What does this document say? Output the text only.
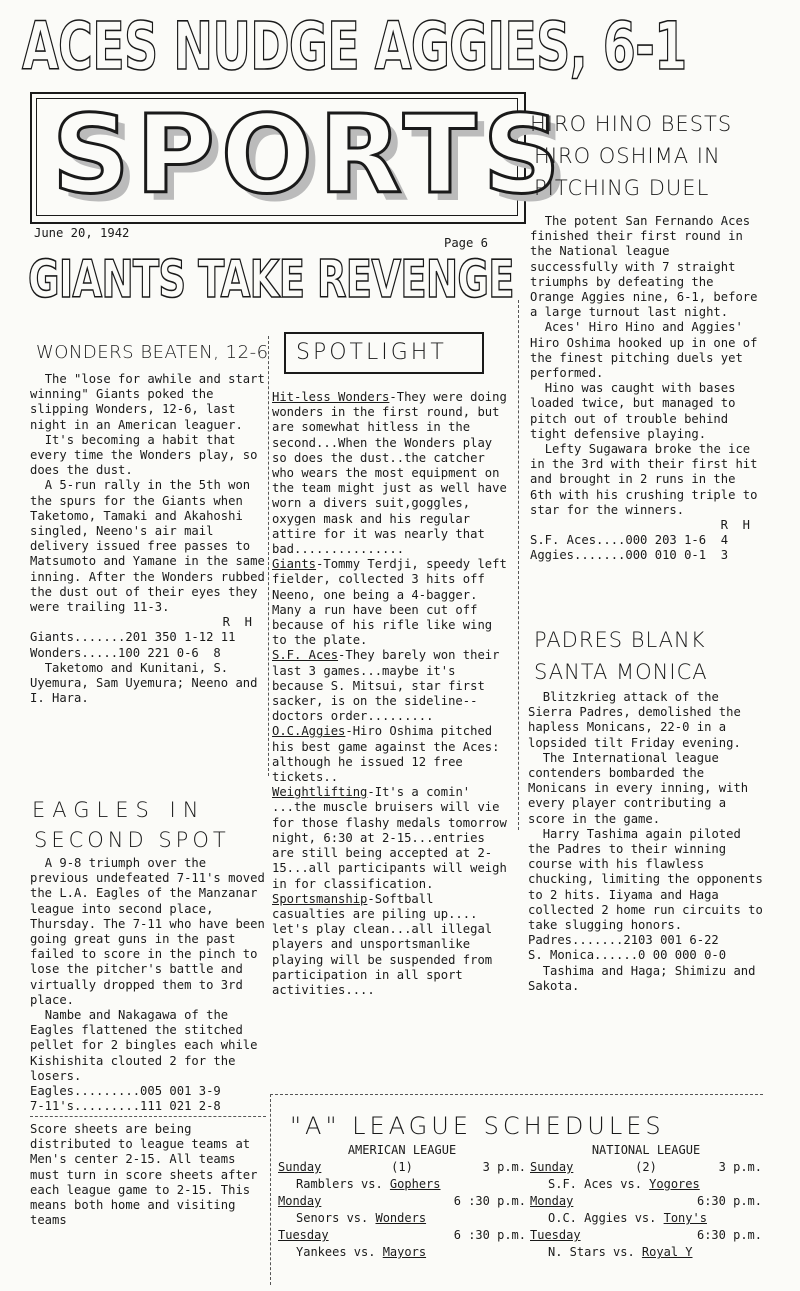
ACES NUDGE AGGIES, 6-1
SPORTS
June 20, 1942
Page 6
GIANTS TAKE REVENGE
WONDERS BEATEN, 12-6

The "lose for awhile and start winning" Giants poked the slipping Wonders, 12-6, last night in an American leaguer.
It's becoming a habit that every time the Wonders play, so does the dust.
A 5-run rally in the 5th won the spurs for the Giants when Taketomo, Tamaki and Akahoshi singled, Neeno's air mail delivery issued free passes to Matsumoto and Yamane in the same inning. After the Wonders rubbed the dust out of their eyes they were trailing 11-3.

R  H
Giants.......201 350 1-12 11
Wonders.....100 221 0-6  8

Taketomo and Kunitani, S. Uyemura, Sam Uyemura; Neeno and I. Hara.

EAGLES IN
SECOND SPOT

A 9-8 triumph over the previous undefeated 7-11's moved the L.A. Eagles of the Manzanar league into second place, Thursday. The 7-11 who have been going great guns in the past failed to score in the pinch to lose the pitcher's battle and virtually dropped them to 3rd place.
Nambe and Nakagawa of the Eagles flattened the stitched pellet for 2 bingles each while Kishishita clouted 2 for the losers.

Eagles.........005 001 3-9
7-11's.........111 021 2-8

Score sheets are being distributed to league teams at Men's center 2-15. All teams must turn in score sheets after each league game to 2-15. This means both home and visiting teams

SPOTLIGHT

Hit-less Wonders-They were doing wonders in the first round, but are somewhat hitless in the second...When the Wonders play so does the dust..the catcher who wears the most equipment on the team might just as well have worn a divers suit,goggles, oxygen mask and his regular attire for it was nearly that bad...............

Giants-Tommy Terdji, speedy left fielder, collected 3 hits off Neeno, one being a 4-bagger. Many a run have been cut off because of his rifle like wing to the plate.

S.F. Aces-They barely won their last 3 games...maybe it's because S. Mitsui, star first sacker, is on the sideline--doctors order.........

O.C.Aggies-Hiro Oshima pitched his best game against the Aces: although he issued 12 free tickets..

Weightlifting-It's a comin' ...the muscle bruisers will vie for those flashy medals tomorrow night, 6:30 at 2-15...entries are still being accepted at 2-15...all participants will weigh in for classification.

Sportsmanship-Softball casualties are piling up.... let's play clean...all illegal players and unsportsmanlike playing will be suspended from participation in all sport activities....

HIRO HINO BESTS
HIRO OSHIMA IN
PITCHING DUEL

The potent San Fernando Aces finished their first round in the National league successfully with 7 straight triumphs by defeating the Orange Aggies nine, 6-1, before a large turnout last night.
Aces' Hiro Hino and Aggies' Hiro Oshima hooked up in one of the finest pitching duels yet performed.
Hino was caught with bases loaded twice, but managed to pitch out of trouble behind tight defensive playing.
Lefty Sugawara broke the ice in the 3rd with their first hit and brought in 2 runs in the 6th with his crushing triple to star for the winners.

R  H
S.F. Aces....000 203 1-6  4
Aggies.......000 010 0-1  3
PADRES BLANK
SANTA MONICA

Blitzkrieg attack of the Sierra Padres, demolished the hapless Monicans, 22-0 in a lopsided tilt Friday evening.
The International league contenders bombarded the Monicans in every inning, with every player contributing a score in the game.
Harry Tashima again piloted the Padres to their winning course with his flawless chucking, limiting the opponents to 2 hits. Iiyama and Haga collected 2 home run circuits to take slugging honors.

Padres.......2103 001 6-22
S. Monica......0 00 000 0-0

Tashima and Haga; Shimizu and Sakota.

"A" LEAGUE SCHEDULES
AMERICAN LEAGUE
Sunday	(1)	3 p.m.
Ramblers vs. Gophers
Monday	6 :30 p.m.
Senors vs. Wonders
Tuesday	6 :30 p.m.
Yankees vs. Mayors
NATIONAL LEAGUE
Sunday	(2)	3 p.m.
S.F. Aces vs. Yogores
Monday	6:30 p.m.
O.C. Aggies vs. Tony's
Tuesday	6:30 p.m.
N. Stars vs. Royal Y
